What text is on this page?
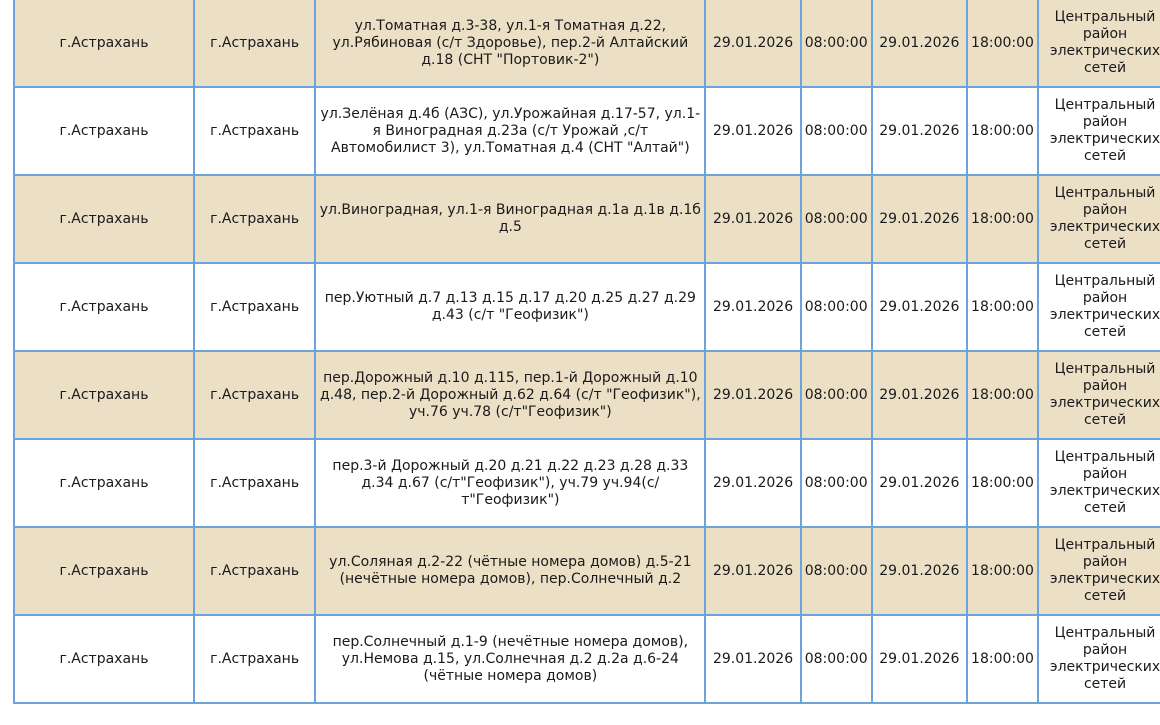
г.Астрахань	г.Астрахань	ул.Томатная д.3-38, ул.1-я Томатная д.22, ул.Рябиновая (с/т Здоровье), пер.2-й Алтайский д.18 (СНТ "Портовик-2")	29.01.2026	08:00:00	29.01.2026	18:00:00	Центральный район электрических сетей
г.Астрахань	г.Астрахань	ул.Зелёная д.4б (АЗС), ул.Урожайная д.17-57, ул.1-я Виноградная д.23а (с/т Урожай ,с/т Автомобилист 3), ул.Томатная д.4 (СНТ "Алтай")	29.01.2026	08:00:00	29.01.2026	18:00:00	Центральный район электрических сетей
г.Астрахань	г.Астрахань	ул.Виноградная, ул.1-я Виноградная д.1а д.1в д.1б д.5	29.01.2026	08:00:00	29.01.2026	18:00:00	Центральный район электрических сетей
г.Астрахань	г.Астрахань	пер.Уютный д.7 д.13 д.15 д.17 д.20 д.25 д.27 д.29 д.43 (с/т "Геофизик")	29.01.2026	08:00:00	29.01.2026	18:00:00	Центральный район электрических сетей
г.Астрахань	г.Астрахань	пер.Дорожный д.10 д.115, пер.1-й Дорожный д.10 д.48, пер.2-й Дорожный д.62 д.64 (с/т "Геофизик"), уч.76 уч.78 (с/т"Геофизик")	29.01.2026	08:00:00	29.01.2026	18:00:00	Центральный район электрических сетей
г.Астрахань	г.Астрахань	пер.3-й Дорожный д.20 д.21 д.22 д.23 д.28 д.33 д.34 д.67 (с/т"Геофизик"), уч.79 уч.94(с/т"Геофизик")	29.01.2026	08:00:00	29.01.2026	18:00:00	Центральный район электрических сетей
г.Астрахань	г.Астрахань	ул.Соляная д.2-22 (чётные номера домов) д.5-21 (нечётные номера домов), пер.Солнечный д.2	29.01.2026	08:00:00	29.01.2026	18:00:00	Центральный район электрических сетей
г.Астрахань	г.Астрахань	пер.Солнечный д.1-9 (нечётные номера домов), ул.Немова д.15, ул.Солнечная д.2 д.2а д.6-24 (чётные номера домов)	29.01.2026	08:00:00	29.01.2026	18:00:00	Центральный район электрических сетей
